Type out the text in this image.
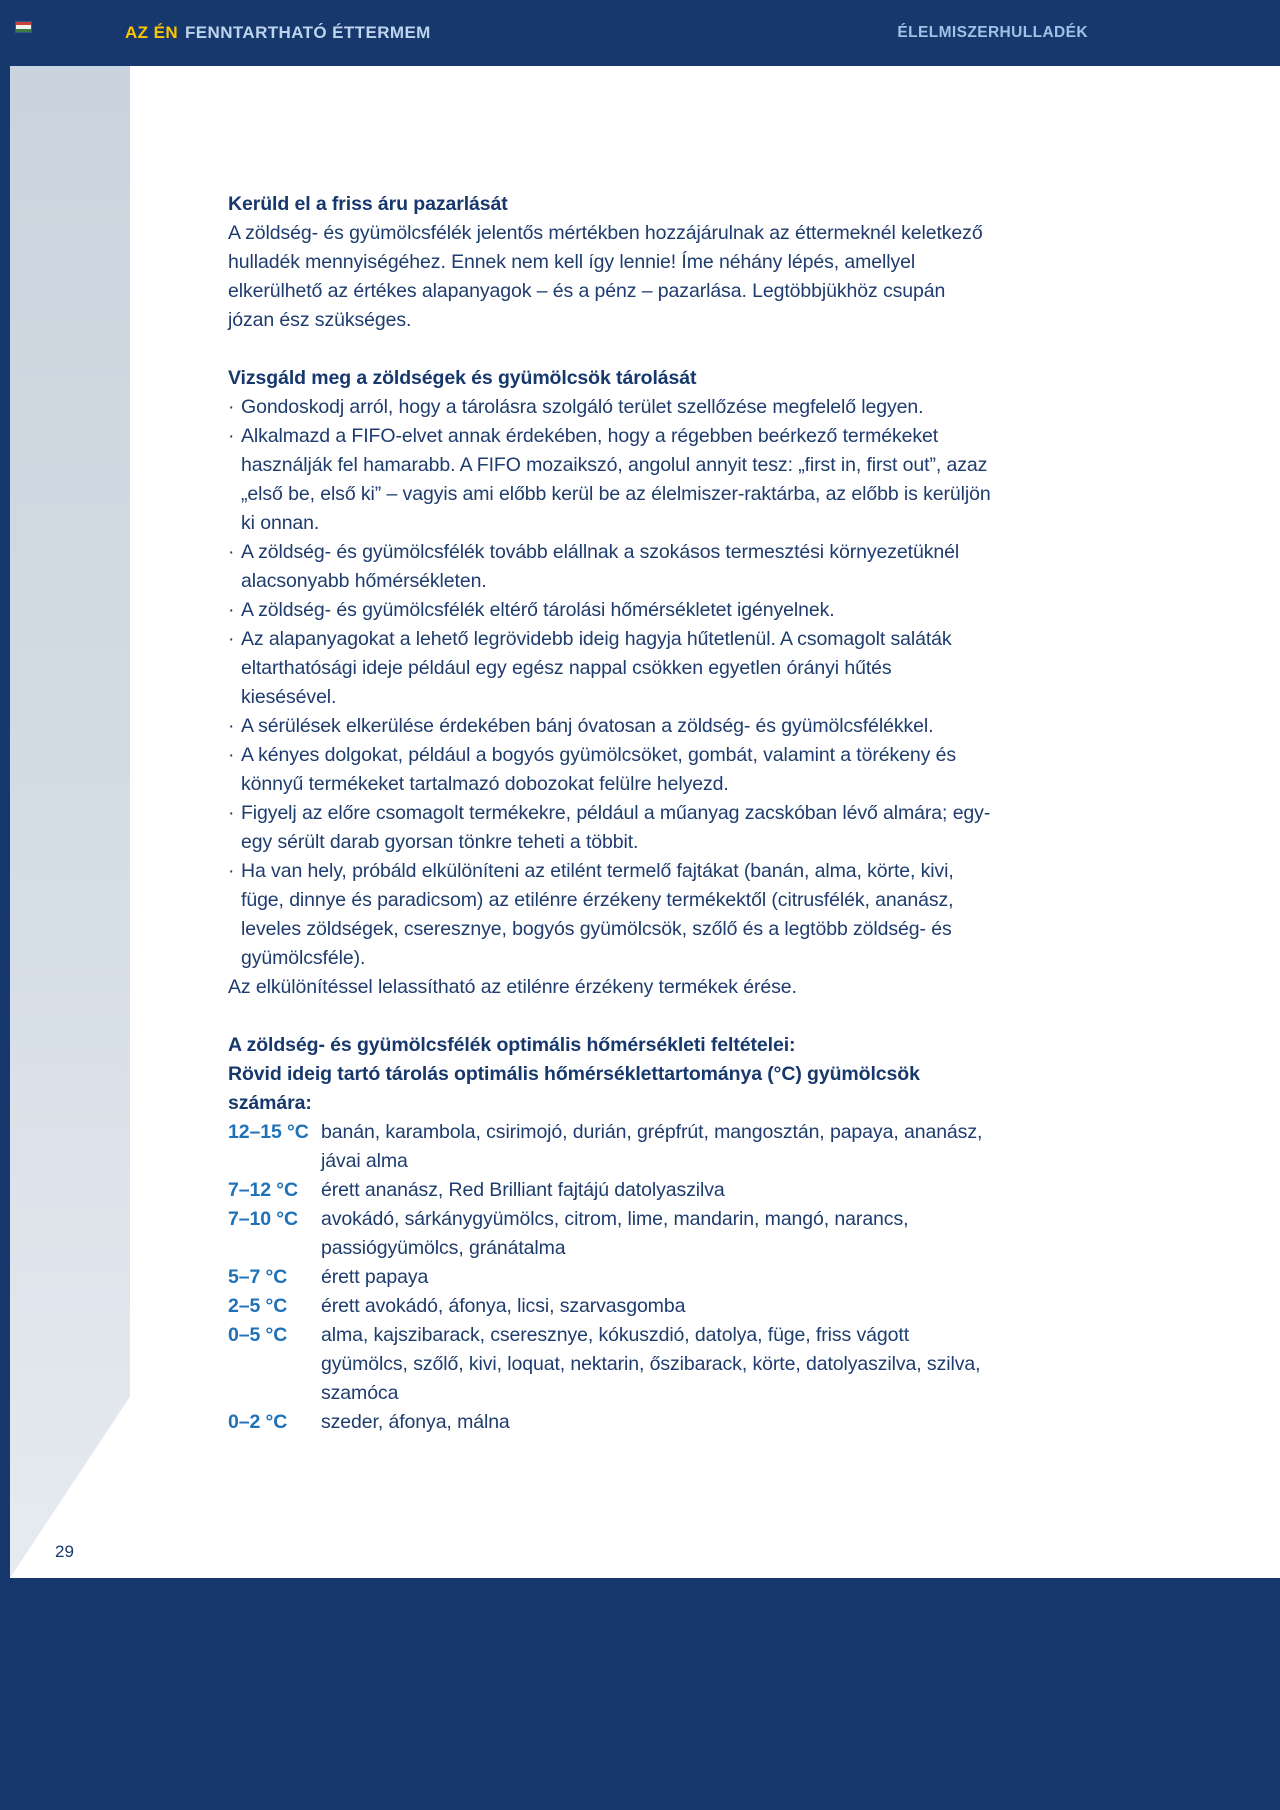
AZ ÉN FENNTARTHATÓ ÉTTERMEM	ÉLELMISZERHULLADÉK
Kerüld el a friss áru pazarlását

A zöldség- és gyümölcsfélék jelentős mértékben hozzájárulnak az éttermeknél keletkező hulladék mennyiségéhez. Ennek nem kell így lennie! Íme néhány lépés, amellyel elkerülhető az értékes alapanyagok – és a pénz – pazarlása. Legtöbbjükhöz csupán józan ész szükséges.

Vizsgáld meg a zöldségek és gyümölcsök tárolását
· Gondoskodj arról, hogy a tárolásra szolgáló terület szellőzése megfelelő legyen.
· Alkalmazd a FIFO-elvet annak érdekében, hogy a régebben beérkező termékeket használják fel hamarabb. A FIFO mozaikszó, angolul annyit tesz: „first in, first out”, azaz „első be, első ki” – vagyis ami előbb kerül be az élelmiszer-raktárba, az előbb is kerüljön ki onnan.
· A zöldség- és gyümölcsfélék tovább elállnak a szokásos termesztési környezetüknél alacsonyabb hőmérsékleten.
· A zöldség- és gyümölcsfélék eltérő tárolási hőmérsékletet igényelnek.
· Az alapanyagokat a lehető legrövidebb ideig hagyja hűtetlenül. A csomagolt saláták eltarthatósági ideje például egy egész nappal csökken egyetlen órányi hűtés kiesésével.
· A sérülések elkerülése érdekében bánj óvatosan a zöldség- és gyümölcsfélékkel.
· A kényes dolgokat, például a bogyós gyümölcsöket, gombát, valamint a törékeny és könnyű termékeket tartalmazó dobozokat felülre helyezd.
· Figyelj az előre csomagolt termékekre, például a műanyag zacskóban lévő almára; egy-egy sérült darab gyorsan tönkre teheti a többit.
· Ha van hely, próbáld elkülöníteni az etilént termelő fajtákat (banán, alma, körte, kivi, füge, dinnye és paradicsom) az etilénre érzékeny termékektől (citrusfélék, ananász, leveles zöldségek, cseresznye, bogyós gyümölcsök, szőlő és a legtöbb zöldség- és gyümölcsféle).

Az elkülönítéssel lelassítható az etilénre érzékeny termékek érése.

A zöldség- és gyümölcsfélék optimális hőmérsékleti feltételei:
Rövid ideig tartó tárolás optimális hőmérséklettartománya (°C) gyümölcsök számára:
12–15 °C banán, karambola, csirimojó, durián, grépfrút, mangosztán, papaya, ananász, jávai alma
7–12 °C	érett ananász, Red Brilliant fajtájú datolyaszilva
7–10 °C	avokádó, sárkánygyümölcs, citrom, lime, mandarin, mangó, narancs, passiógyümölcs, gránátalma
5–7 °C	érett papaya
2–5 °C	érett avokádó, áfonya, licsi, szarvasgomba
0–5 °C	alma, kajszibarack, cseresznye, kókuszdió, datolya, füge, friss vágott gyümölcs, szőlő, kivi, loquat, nektarin, őszibarack, körte, datolyaszilva, szilva, szamóca
0–2 °C	szeder, áfonya, málna
29
